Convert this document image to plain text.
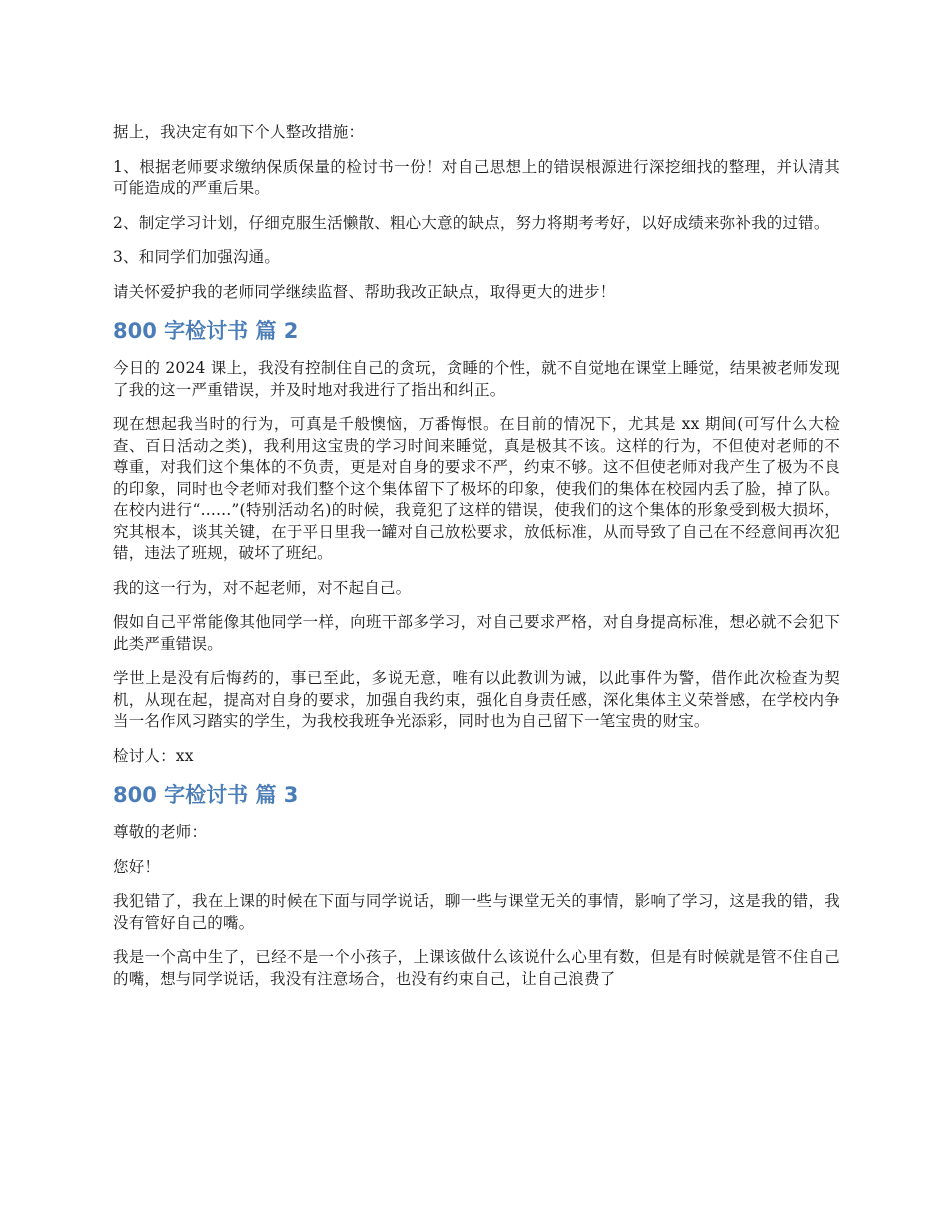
据上，我决定有如下个人整改措施：

1、根据老师要求缴纳保质保量的检讨书一份！对自己思想上的错误根源进行深挖细找的整理，并认清其可能造成的严重后果。

2、制定学习计划，仔细克服生活懒散、粗心大意的缺点，努力将期考考好，以好成绩来弥补我的过错。

3、和同学们加强沟通。

请关怀爱护我的老师同学继续监督、帮助我改正缺点，取得更大的进步！

800 字检讨书 篇 2

今日的 2024 课上，我没有控制住自己的贪玩，贪睡的个性，就不自觉地在课堂上睡觉，结果被老师发现了我的这一严重错误，并及时地对我进行了指出和纠正。

现在想起我当时的行为，可真是千般懊恼，万番悔恨。在目前的情况下，尤其是 xx 期间(可写什么大检查、百日活动之类)，我利用这宝贵的学习时间来睡觉，真是极其不该。这样的行为，不但使对老师的不尊重，对我们这个集体的不负责，更是对自身的要求不严，约束不够。这不但使老师对我产生了极为不良的印象，同时也令老师对我们整个这个集体留下了极坏的印象，使我们的集体在校园内丢了脸，掉了队。在校内进行“......”(特别活动名)的时候，我竟犯了这样的错误，使我们的这个集体的形象受到极大损坏，究其根本，谈其关键，在于平日里我一罐对自己放松要求，放低标准，从而导致了自己在不经意间再次犯错，违法了班规，破坏了班纪。

我的这一行为，对不起老师，对不起自己。

假如自己平常能像其他同学一样，向班干部多学习，对自己要求严格，对自身提高标准，想必就不会犯下此类严重错误。

学世上是没有后悔药的，事已至此，多说无意，唯有以此教训为诫，以此事件为警，借作此次检查为契机，从现在起，提高对自身的要求，加强自我约束，强化自身责任感，深化集体主义荣誉感，在学校内争当一名作风习踏实的学生，为我校我班争光添彩，同时也为自己留下一笔宝贵的财宝。

检讨人：xx

800 字检讨书 篇 3

尊敬的老师：

您好！

我犯错了，我在上课的时候在下面与同学说话，聊一些与课堂无关的事情，影响了学习，这是我的错，我没有管好自己的嘴。

我是一个高中生了，已经不是一个小孩子，上课该做什么该说什么心里有数，但是有时候就是管不住自己的嘴，想与同学说话，我没有注意场合，也没有约束自己，让自己浪费了
